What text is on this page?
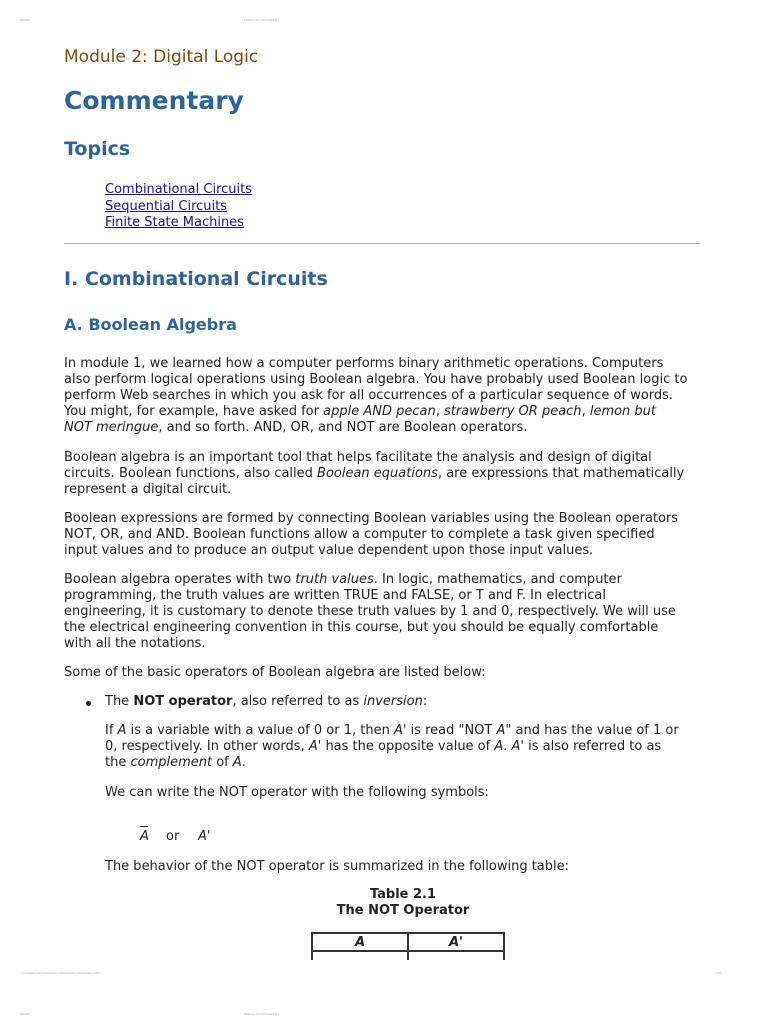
6/5/12	Module 2: Commentary
...outreach.psu.edu/ist/2.../module2/commentary.htm	1/4
6/5/12	Module 2: Commentary
Module 2: Digital Logic
Commentary
Topics
Combinational Circuits
Sequential Circuits
Finite State Machines
I. Combinational Circuits
A. Boolean Algebra

In module 1, we learned how a computer performs binary arithmetic operations. Computers
also perform logical operations using Boolean algebra. You have probably used Boolean logic to
perform Web searches in which you ask for all occurrences of a particular sequence of words.
You might, for example, have asked for apple AND pecan, strawberry OR peach, lemon but
NOT meringue, and so forth. AND, OR, and NOT are Boolean operators.

Boolean algebra is an important tool that helps facilitate the analysis and design of digital
circuits. Boolean functions, also called Boolean equations, are expressions that mathematically
represent a digital circuit.

Boolean expressions are formed by connecting Boolean variables using the Boolean operators
NOT, OR, and AND. Boolean functions allow a computer to complete a task given specified
input values and to produce an output value dependent upon those input values.

Boolean algebra operates with two truth values. In logic, mathematics, and computer
programming, the truth values are written TRUE and FALSE, or T and F. In electrical
engineering, it is customary to denote these truth values by 1 and 0, respectively. We will use
the electrical engineering convention in this course, but you should be equally comfortable
with all the notations.

Some of the basic operators of Boolean algebra are listed below:

The NOT operator, also referred to as inversion:

If A is a variable with a value of 0 or 1, then A' is read "NOT A" and has the value of 1 or
0, respectively. In other words, A' has the opposite value of A. A' is also referred to as
the complement of A.

We can write the NOT operator with the following symbols:

A or A'

The behavior of the NOT operator is summarized in the following table:

Table 2.1
The NOT Operator
A	A'
